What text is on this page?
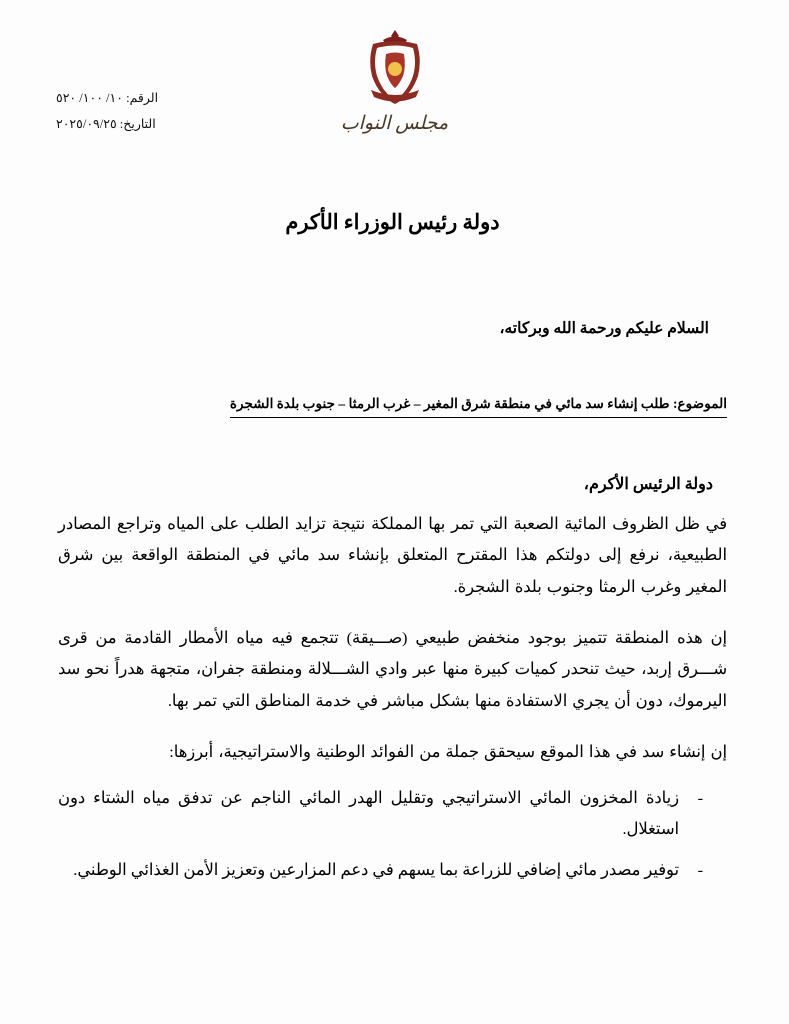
مجلس النواب
الرقم: ١٠/ ١٠٠/ ٥٢٠
التاريخ: ٢٠٢٥/٠٩/٢٥
دولة رئيس الوزراء الأكرم
السلام عليكم ورحمة الله وبركاته،
الموضوع: طلب إنشاء سد مائي في منطقة شرق المغير – غرب الرمثا – جنوب بلدة الشجرة
دولة الرئيس الأكرم،

في ظل الظروف المائية الصعبة التي تمر بها المملكة نتيجة تزايد الطلب على المياه وتراجع المصادر الطبيعية، نرفع إلى دولتكم هذا المقترح المتعلق بإنشاء سد مائي في المنطقة الواقعة بين شرق المغير وغرب الرمثا وجنوب بلدة الشجرة.

إن هذه المنطقة تتميز بوجود منخفض طبيعي (صـــيقة) تتجمع فيه مياه الأمطار القادمة من قرى شـــرق إربد، حيث تنحدر كميات كبيرة منها عبر وادي الشـــلالة ومنطقة جفران، متجهة هدراً نحو سد اليرموك، دون أن يجري الاستفادة منها بشكل مباشر في خدمة المناطق التي تمر بها.

إن إنشاء سد في هذا الموقع سيحقق جملة من الفوائد الوطنية والاستراتيجية، أبرزها:

- زيادة المخزون المائي الاستراتيجي وتقليل الهدر المائي الناجم عن تدفق مياه الشتاء دون استغلال.
- توفير مصدر مائي إضافي للزراعة بما يسهم في دعم المزارعين وتعزيز الأمن الغذائي الوطني.
